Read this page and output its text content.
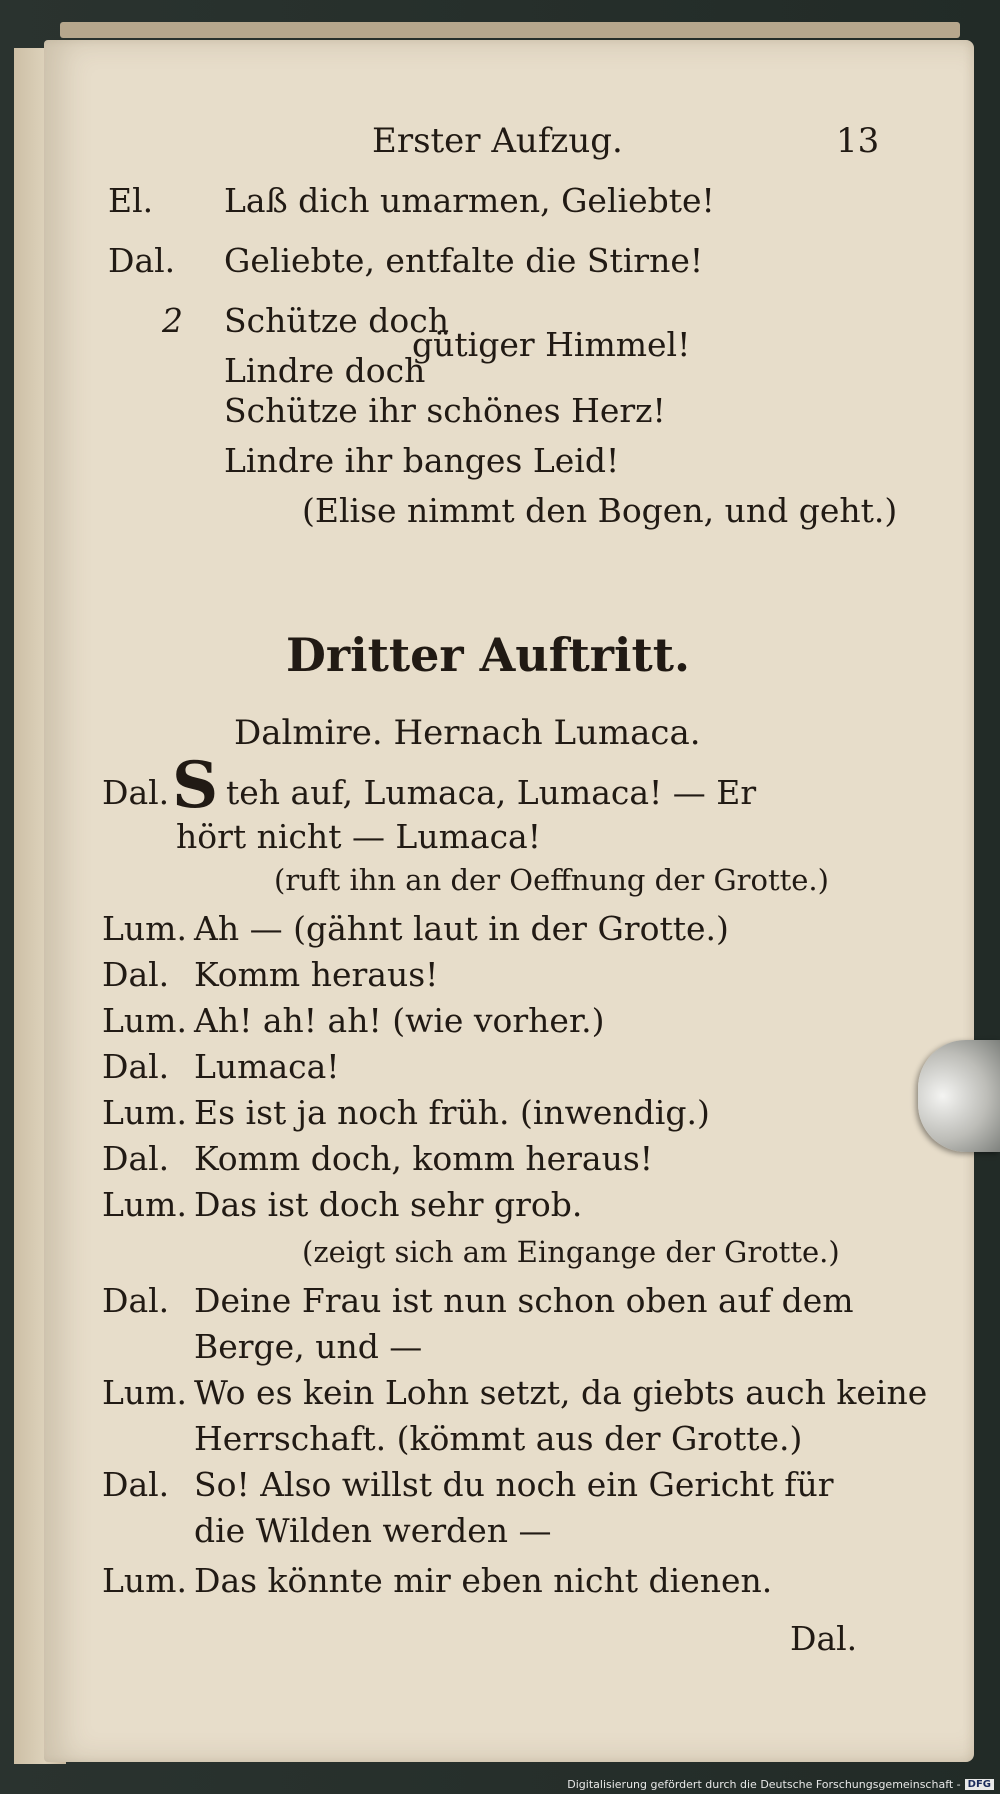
Erster Aufzug.	13
El. Laß dich umarmen, Geliebte!
Dal. Geliebte, entfalte die Stirne!
2 Schütze doch
Lindre doch
gütiger Himmel!
Schütze ihr schönes Herz!
Lindre ihr banges Leid!
(Elise nimmt den Bogen, und geht.)
Dritter Auftritt.
Dalmire. Hernach Lumaca.
Dal. S teh auf, Lumaca, Lumaca! — Er
hört nicht — Lumaca!
(ruft ihn an der Oeffnung der Grotte.)
Lum. Ah — (gähnt laut in der Grotte.)
Dal. Komm heraus!
Lum. Ah! ah! ah! (wie vorher.)
Dal. Lumaca!
Lum. Es ist ja noch früh. (inwendig.)
Dal. Komm doch, komm heraus!
Lum. Das ist doch sehr grob.
(zeigt sich am Eingange der Grotte.)
Dal. Deine Frau ist nun schon oben auf dem
Berge, und —
Lum. Wo es kein Lohn setzt, da giebts auch keine
Herrschaft. (kömmt aus der Grotte.)
Dal. So! Also willst du noch ein Gericht für
die Wilden werden —
Lum. Das könnte mir eben nicht dienen.
Dal.
Digitalisierung gefördert durch die Deutsche Forschungsgemeinschaft - DFG
